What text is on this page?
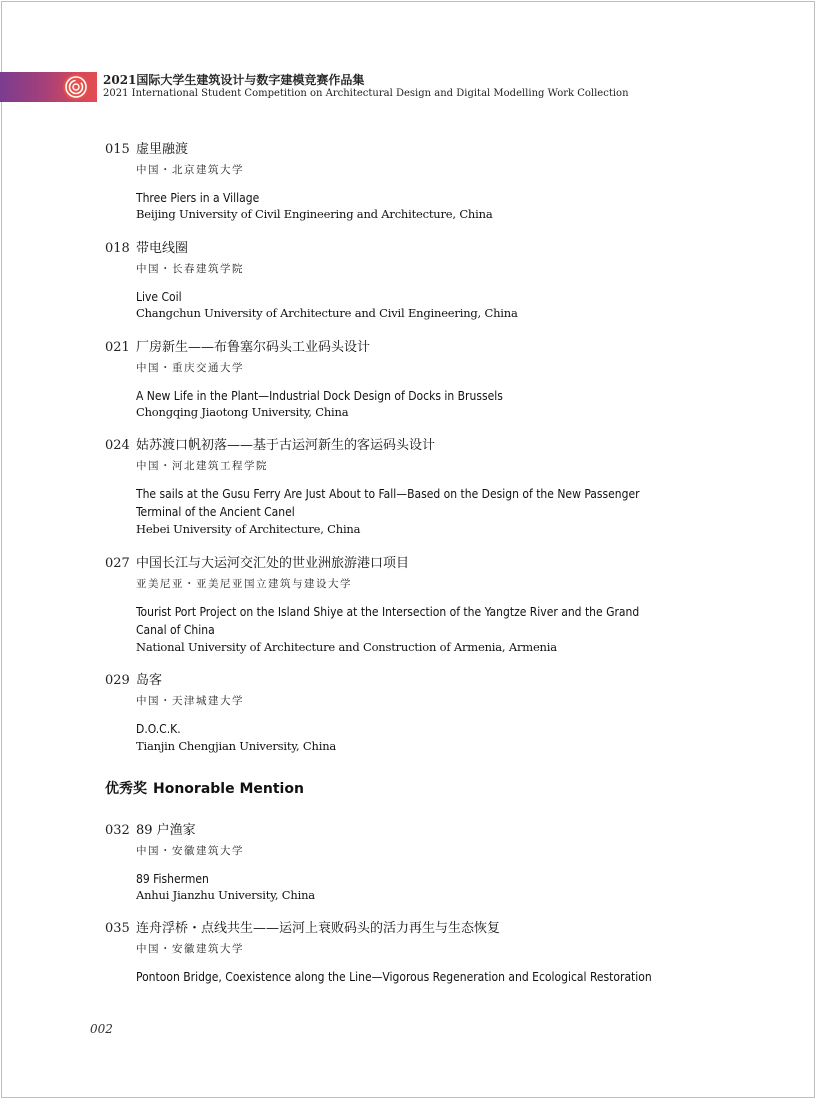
2021国际大学生建筑设计与数字建模竞赛作品集
2021 International Student Competition on Architectural Design and Digital Modelling Work Collection
015 虚里融渡
中国・北京建筑大学
Three Piers in a Village
Beijing University of Civil Engineering and Architecture, China
018 带电线圈
中国・长春建筑学院
Live Coil
Changchun University of Architecture and Civil Engineering, China
021 厂房新生——布鲁塞尔码头工业码头设计
中国・重庆交通大学
A New Life in the Plant—Industrial Dock Design of Docks in Brussels
Chongqing Jiaotong University, China
024 姑苏渡口帆初落——基于古运河新生的客运码头设计
中国・河北建筑工程学院
The sails at the Gusu Ferry Are Just About to Fall—Based on the Design of the New Passenger Terminal of the Ancient Canel
Hebei University of Architecture, China
027 中国长江与大运河交汇处的世业洲旅游港口项目
亚美尼亚・亚美尼亚国立建筑与建设大学
Tourist Port Project on the Island Shiye at the Intersection of the Yangtze River and the Grand Canal of China
National University of Architecture and Construction of Armenia, Armenia
029 岛客
中国・天津城建大学
D.O.C.K.
Tianjin Chengjian University, China
优秀奖 Honorable Mention
032 89 户渔家
中国・安徽建筑大学
89 Fishermen
Anhui Jianzhu University, China
035 连舟浮桥・点线共生——运河上衰败码头的活力再生与生态恢复
中国・安徽建筑大学
Pontoon Bridge, Coexistence along the Line—Vigorous Regeneration and Ecological Restoration
002
